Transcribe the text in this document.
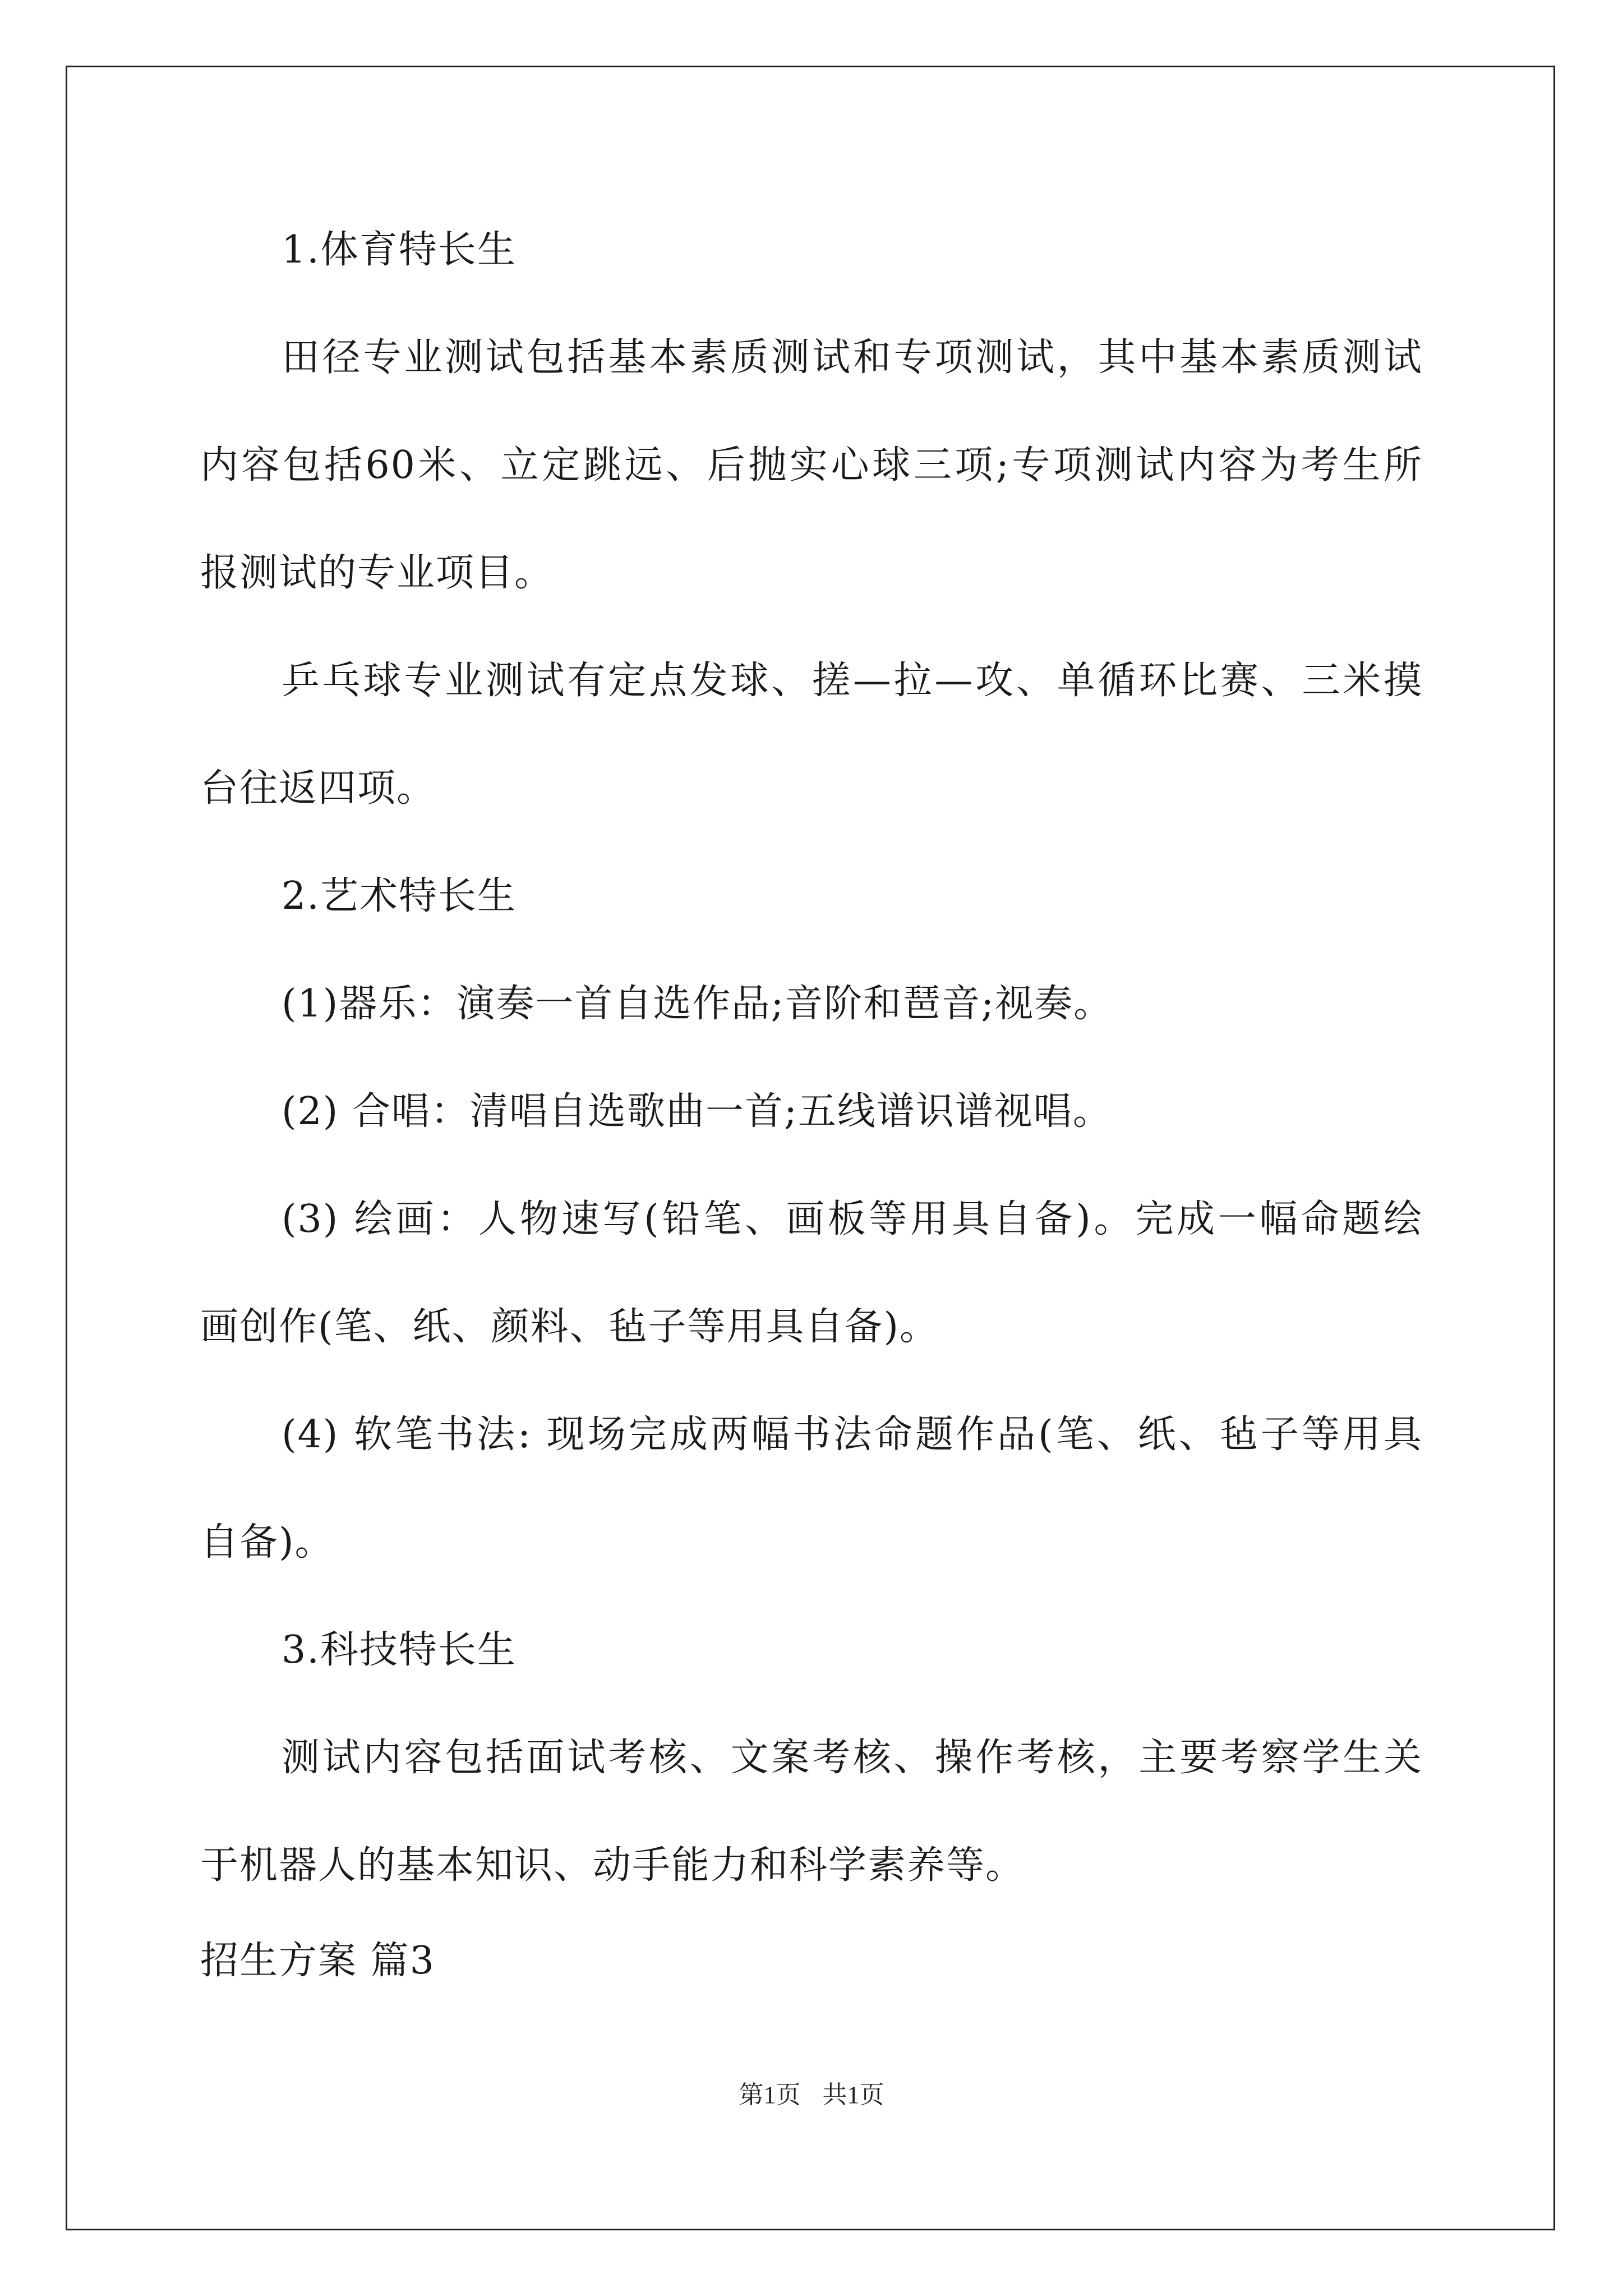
1.体育特长生
田径专业测试包括基本素质测试和专项测试，其中基本素质测试
内容包括60米、立定跳远、后抛实心球三项;专项测试内容为考生所
报测试的专业项目。
乒乓球专业测试有定点发球、搓—拉—攻、单循环比赛、三米摸
台往返四项。
2.艺术特长生
(1)器乐：演奏一首自选作品;音阶和琶音;视奏。
(2) 合唱：清唱自选歌曲一首;五线谱识谱视唱。
(3) 绘画：人物速写(铅笔、画板等用具自备)。完成一幅命题绘
画创作(笔、纸、颜料、毡子等用具自备)。
(4) 软笔书法: 现场完成两幅书法命题作品(笔、纸、毡子等用具
自备)。
3.科技特长生
测试内容包括面试考核、文案考核、操作考核，主要考察学生关
于机器人的基本知识、动手能力和科学素养等。
招生方案 篇3
第1页 共1页
